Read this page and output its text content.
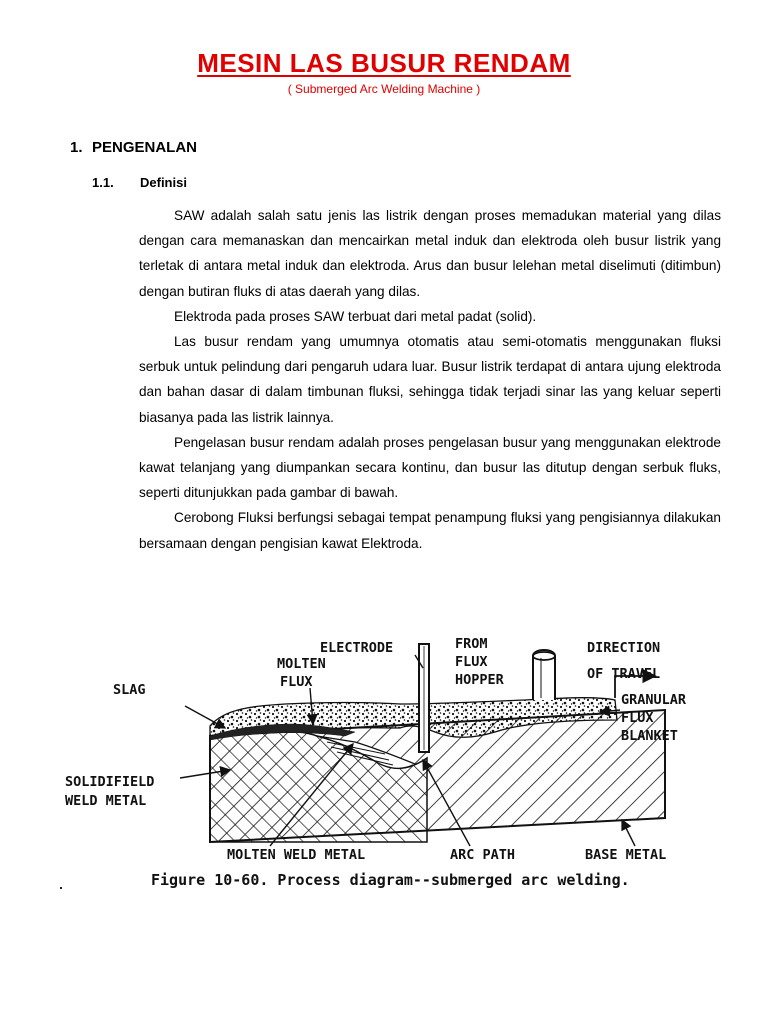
MESIN LAS BUSUR RENDAM
( Submerged Arc Welding Machine )
1. PENGENALAN
1.1. Definisi

SAW adalah salah satu jenis las listrik dengan proses memadukan material yang dilas dengan cara memanaskan dan mencairkan metal induk dan elektroda oleh busur listrik yang terletak di antara metal induk dan elektroda. Arus dan busur lelehan metal diselimuti (ditimbun) dengan butiran fluks di atas daerah yang dilas.

Elektroda pada proses SAW terbuat dari metal padat (solid).

Las busur rendam yang umumnya otomatis atau semi-otomatis menggunakan fluksi serbuk untuk pelindung dari pengaruh udara luar. Busur listrik terdapat di antara ujung elektroda dan bahan dasar di dalam timbunan fluksi, sehingga tidak terjadi sinar las yang keluar seperti biasanya pada las listrik lainnya.

Pengelasan busur rendam adalah proses pengelasan busur yang menggunakan elektrode kawat telanjang yang diumpankan secara kontinu, dan busur las ditutup dengan serbuk fluks, seperti ditunjukkan pada gambar di bawah.

Cerobong Fluksi berfungsi sebagai tempat penampung fluksi yang pengisiannya dilakukan bersamaan dengan pengisian kawat Elektroda.

ELECTRODE	FROM
FLUX
HOPPER
DIRECTION
OF TRAVEL
MOLTEN
FLUX
SLAG
GRANULAR
FLUX
BLANKET
SOLIDIFIELD
WELD METAL
MOLTEN WELD METAL	ARC PATH	BASE METAL
Figure 10-60. Process diagram--submerged arc welding.
